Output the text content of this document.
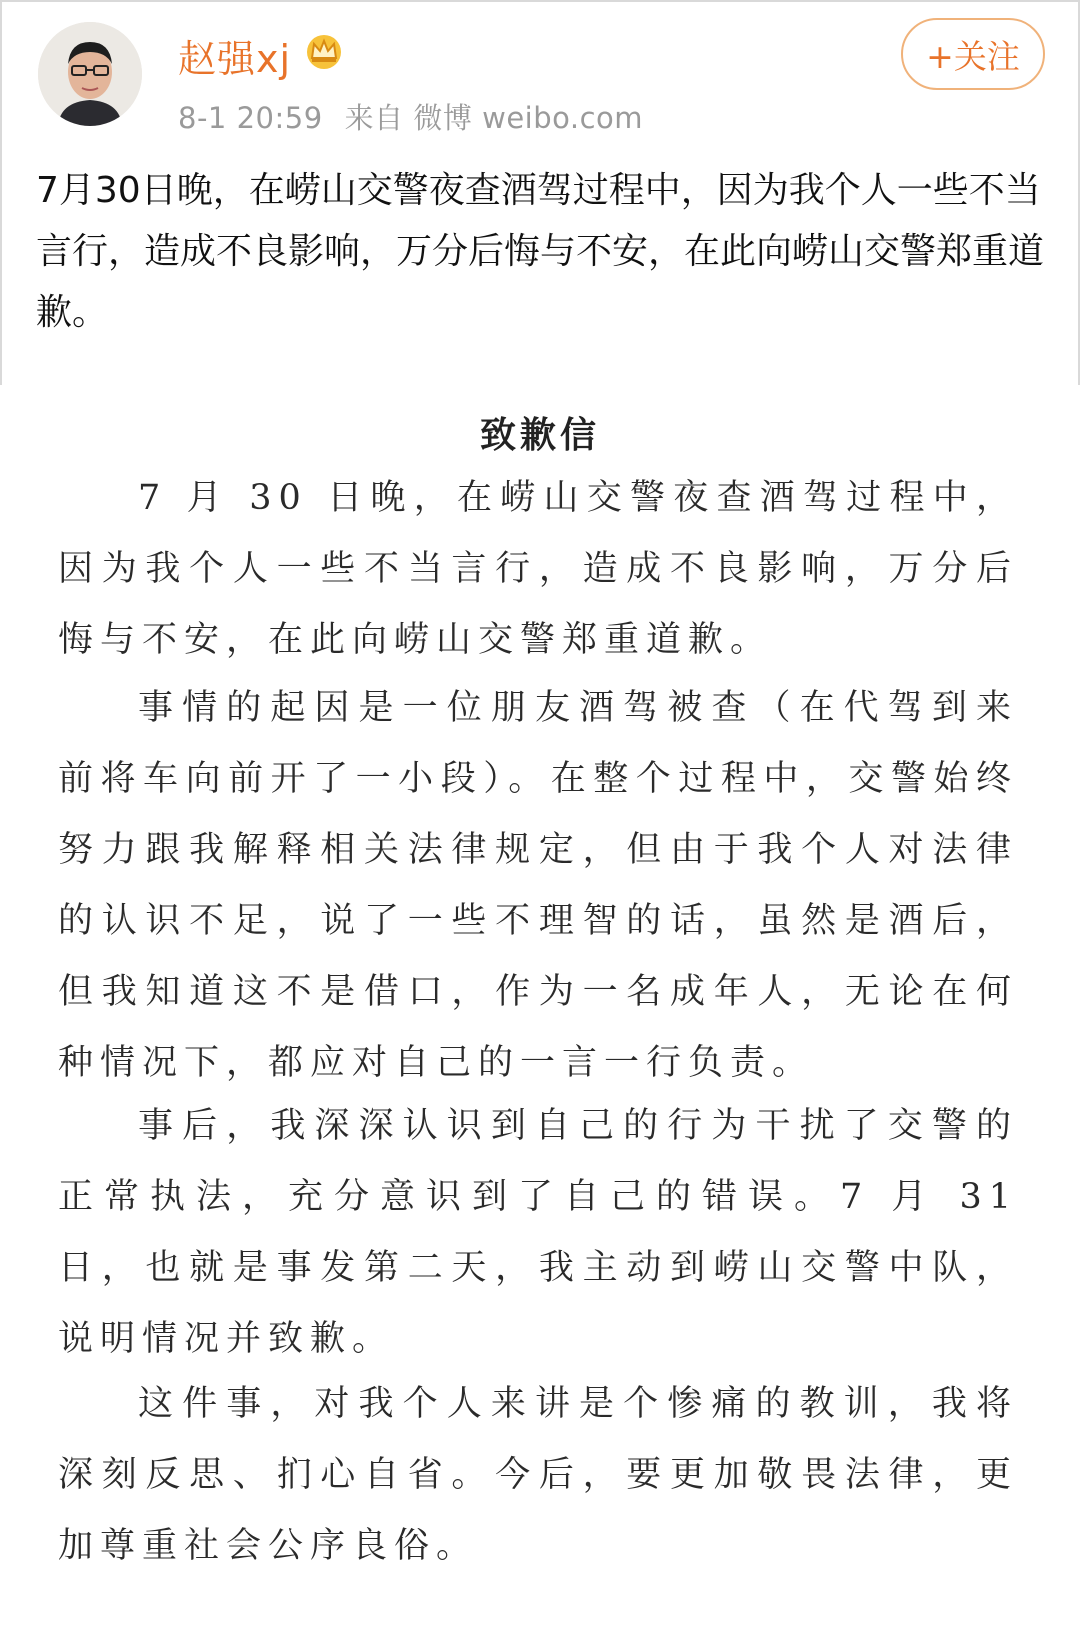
赵强xj
8-1 20:59 来自 微博 weibo.com
+关注
7月30日晚，在崂山交警夜查酒驾过程中，因为我个人一些不当言行，造成不良影响，万分后悔与不安，在此向崂山交警郑重道歉。
致歉信
7 月 30 日晚，在崂山交警夜查酒驾过程中，因为我个人一些不当言行，造成不良影响，万分后悔与不安，在此向崂山交警郑重道歉。
事情的起因是一位朋友酒驾被查（在代驾到来前将车向前开了一小段）。在整个过程中，交警始终努力跟我解释相关法律规定，但由于我个人对法律的认识不足，说了一些不理智的话，虽然是酒后，但我知道这不是借口，作为一名成年人，无论在何种情况下，都应对自己的一言一行负责。
事后，我深深认识到自己的行为干扰了交警的正常执法，充分意识到了自己的错误。7 月 31 日，也就是事发第二天，我主动到崂山交警中队，说明情况并致歉。
这件事，对我个人来讲是个惨痛的教训，我将深刻反思、扪心自省。今后，要更加敬畏法律，更加尊重社会公序良俗。
